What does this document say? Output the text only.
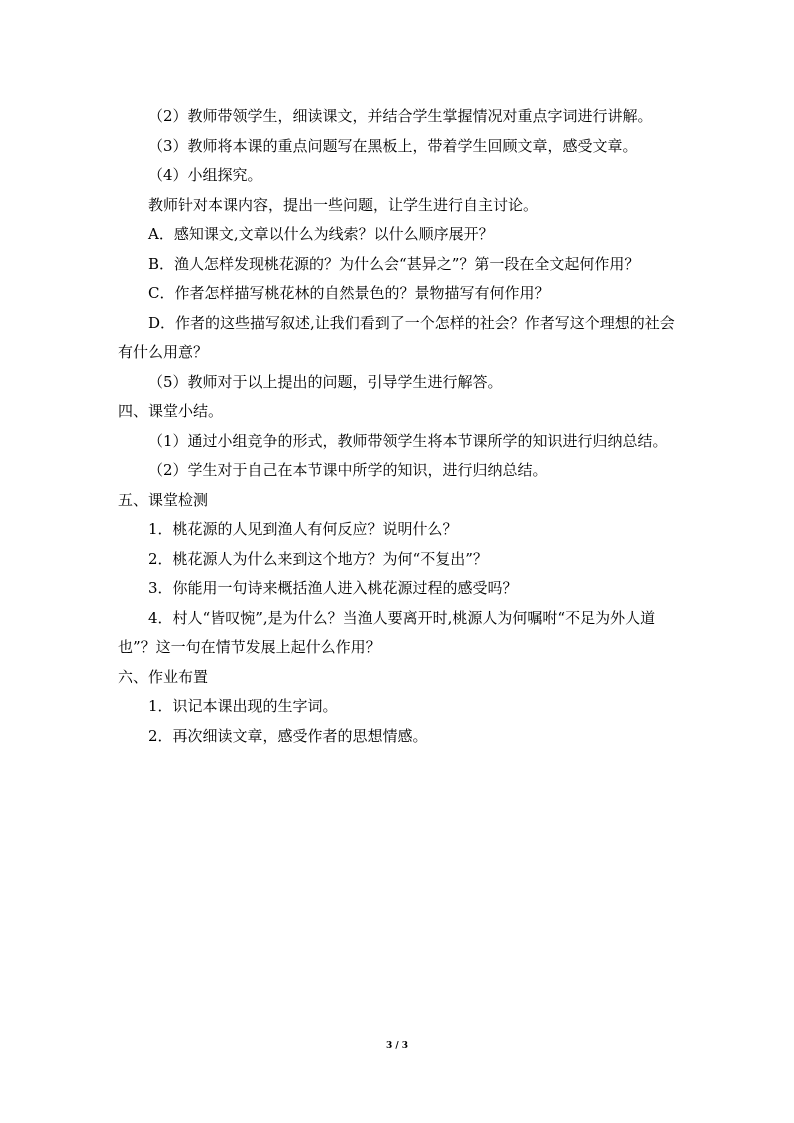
（2）教师带领学生，细读课文，并结合学生掌握情况对重点字词进行讲解。

（3）教师将本课的重点问题写在黑板上，带着学生回顾文章，感受文章。

（4）小组探究。

教师针对本课内容，提出一些问题，让学生进行自主讨论。

A．感知课文,文章以什么为线索？以什么顺序展开？

B．渔人怎样发现桃花源的？为什么会“甚异之”？第一段在全文起何作用？

C．作者怎样描写桃花林的自然景色的？景物描写有何作用？

D．作者的这些描写叙述,让我们看到了一个怎样的社会？作者写这个理想的社会有什么用意？

（5）教师对于以上提出的问题，引导学生进行解答。

四、课堂小结。

（1）通过小组竞争的形式，教师带领学生将本节课所学的知识进行归纳总结。

（2）学生对于自己在本节课中所学的知识，进行归纳总结。

五、课堂检测

1．桃花源的人见到渔人有何反应？说明什么？

2．桃花源人为什么来到这个地方？为何“不复出”？

3．你能用一句诗来概括渔人进入桃花源过程的感受吗？

4．村人“皆叹惋”,是为什么？当渔人要离开时,桃源人为何嘱咐“不足为外人道也”？这一句在情节发展上起什么作用？

六、作业布置

1．识记本课出现的生字词。

2．再次细读文章，感受作者的思想情感。

3 / 3
